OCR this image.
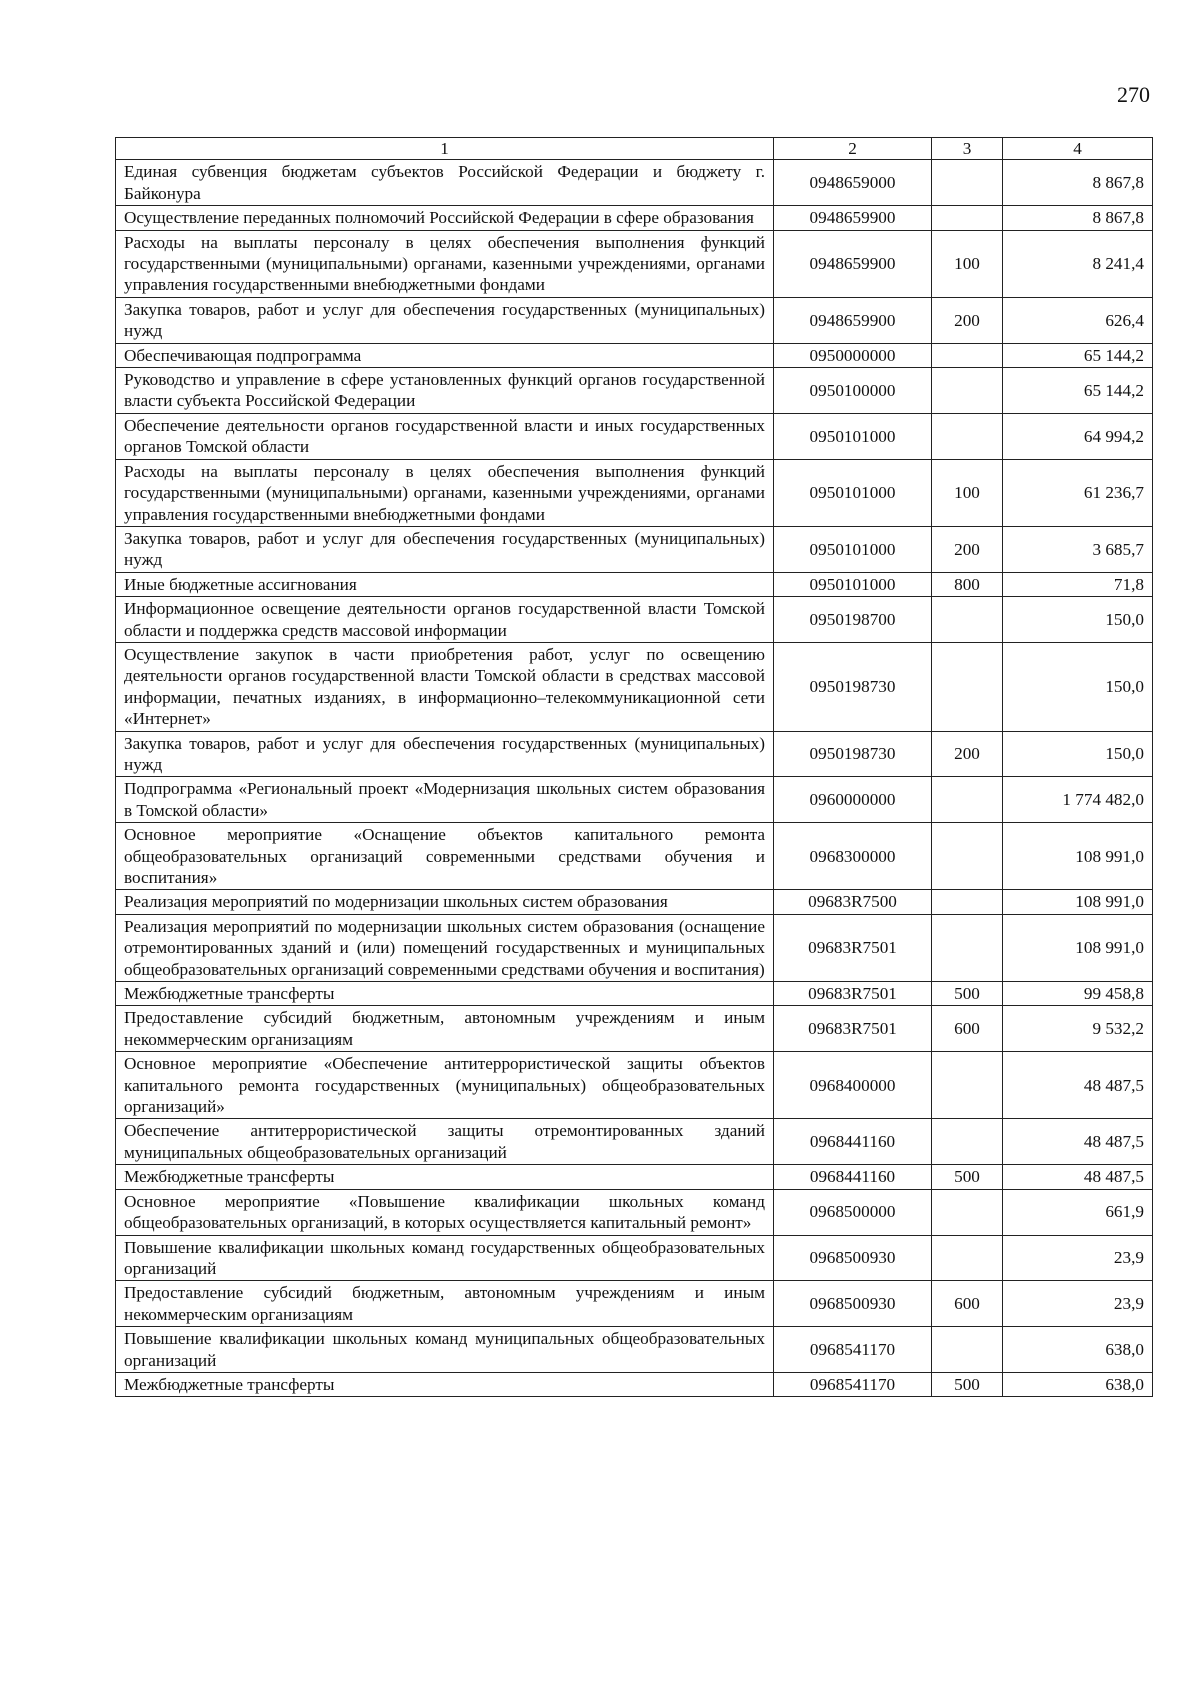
270
1	2	3	4
Единая субвенция бюджетам субъектов Российской Федерации и бюджету г. Байконура	0948659000		8 867,8
Осуществление переданных полномочий Российской Федерации в сфере образования	0948659900		8 867,8
Расходы на выплаты персоналу в целях обеспечения выполнения функций государственными (муниципальными) органами, казенными учреждениями, органами управления государственными внебюджетными фондами	0948659900	100	8 241,4
Закупка товаров, работ и услуг для обеспечения государственных (муниципальных) нужд	0948659900	200	626,4
Обеспечивающая подпрограмма	0950000000		65 144,2
Руководство и управление в сфере установленных функций органов государственной власти субъекта Российской Федерации	0950100000		65 144,2
Обеспечение деятельности органов государственной власти и иных государственных органов Томской области	0950101000		64 994,2
Расходы на выплаты персоналу в целях обеспечения выполнения функций государственными (муниципальными) органами, казенными учреждениями, органами управления государственными внебюджетными фондами	0950101000	100	61 236,7
Закупка товаров, работ и услуг для обеспечения государственных (муниципальных) нужд	0950101000	200	3 685,7
Иные бюджетные ассигнования	0950101000	800	71,8
Информационное освещение деятельности органов государственной власти Томской области и поддержка средств массовой информации	0950198700		150,0
Осуществление закупок в части приобретения работ, услуг по освещению деятельности органов государственной власти Томской области в средствах массовой информации, печатных изданиях, в информационно–телекоммуникационной сети «Интернет»	0950198730		150,0
Закупка товаров, работ и услуг для обеспечения государственных (муниципальных) нужд	0950198730	200	150,0
Подпрограмма «Региональный проект «Модернизация школьных систем образования в Томской области»	0960000000		1 774 482,0
Основное мероприятие «Оснащение объектов капитального ремонта общеобразовательных организаций современными средствами обучения и воспитания»	0968300000		108 991,0
Реализация мероприятий по модернизации школьных систем образования	09683R7500		108 991,0
Реализация мероприятий по модернизации школьных систем образования (оснащение отремонтированных зданий и (или) помещений государственных и муниципальных общеобразовательных организаций современными средствами обучения и воспитания)	09683R7501		108 991,0
Межбюджетные трансферты	09683R7501	500	99 458,8
Предоставление субсидий бюджетным, автономным учреждениям и иным некоммерческим организациям	09683R7501	600	9 532,2
Основное мероприятие «Обеспечение антитеррористической защиты объектов капитального ремонта государственных (муниципальных) общеобразовательных организаций»	0968400000		48 487,5
Обеспечение антитеррористической защиты отремонтированных зданий муниципальных общеобразовательных организаций	0968441160		48 487,5
Межбюджетные трансферты	0968441160	500	48 487,5
Основное мероприятие «Повышение квалификации школьных команд общеобразовательных организаций, в которых осуществляется капитальный ремонт»	0968500000		661,9
Повышение квалификации школьных команд государственных общеобразовательных организаций	0968500930		23,9
Предоставление субсидий бюджетным, автономным учреждениям и иным некоммерческим организациям	0968500930	600	23,9
Повышение квалификации школьных команд муниципальных общеобразовательных организаций	0968541170		638,0
Межбюджетные трансферты	0968541170	500	638,0
